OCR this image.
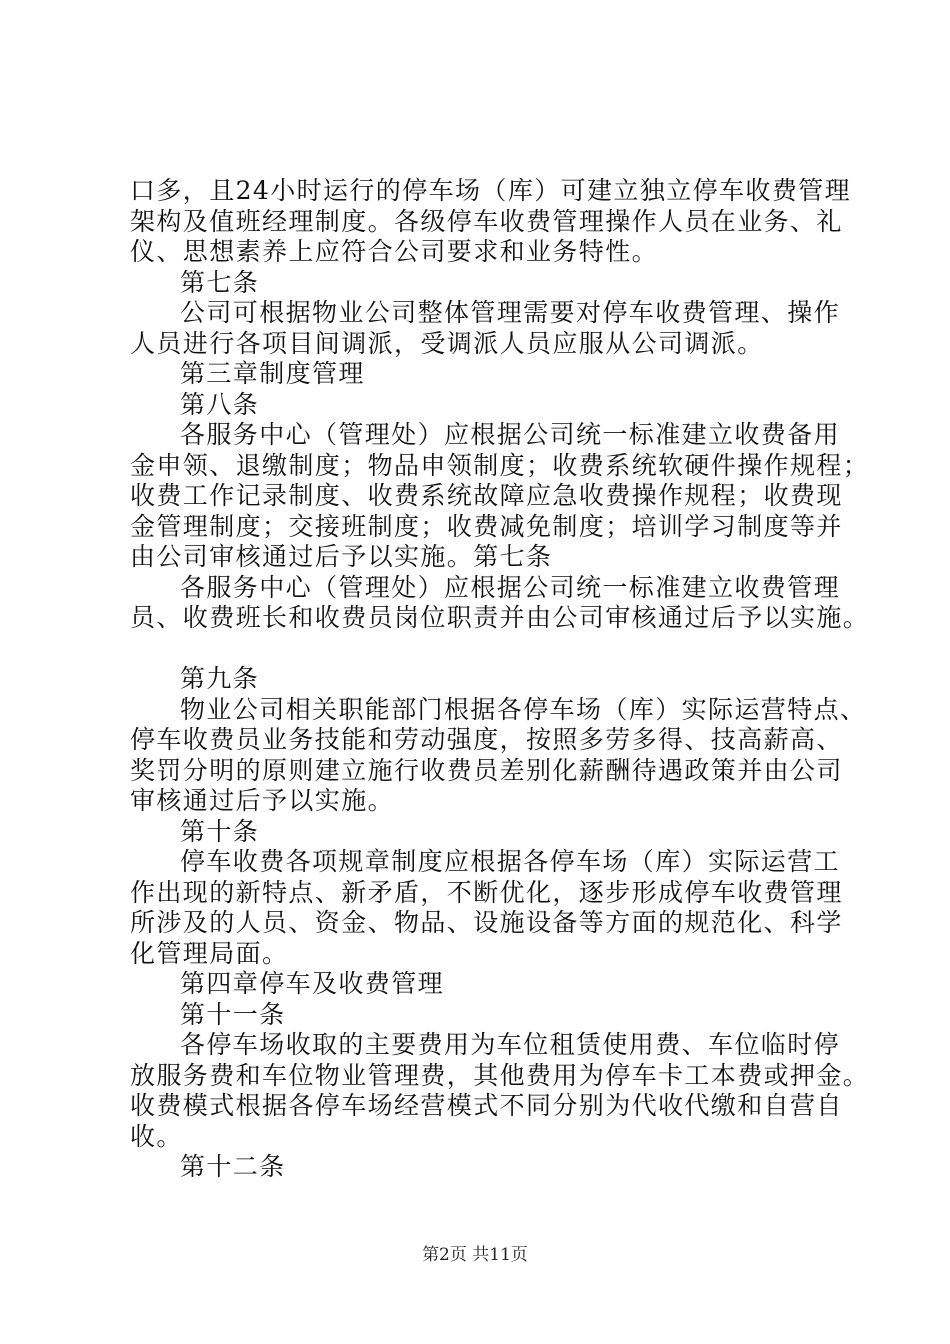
口多，且24小时运行的停车场（库）可建立独立停车收费管理
架构及值班经理制度。各级停车收费管理操作人员在业务、礼
仪、思想素养上应符合公司要求和业务特性。
第七条
公司可根据物业公司整体管理需要对停车收费管理、操作
人员进行各项目间调派，受调派人员应服从公司调派。
第三章制度管理
第八条
各服务中心（管理处）应根据公司统一标准建立收费备用
金申领、退缴制度；物品申领制度；收费系统软硬件操作规程；
收费工作记录制度、收费系统故障应急收费操作规程；收费现
金管理制度；交接班制度；收费减免制度；培训学习制度等并
由公司审核通过后予以实施。第七条
各服务中心（管理处）应根据公司统一标准建立收费管理
员、收费班长和收费员岗位职责并由公司审核通过后予以实施。
第九条
物业公司相关职能部门根据各停车场（库）实际运营特点、
停车收费员业务技能和劳动强度，按照多劳多得、技高薪高、
奖罚分明的原则建立施行收费员差别化薪酬待遇政策并由公司
审核通过后予以实施。
第十条
停车收费各项规章制度应根据各停车场（库）实际运营工
作出现的新特点、新矛盾，不断优化，逐步形成停车收费管理
所涉及的人员、资金、物品、设施设备等方面的规范化、科学
化管理局面。
第四章停车及收费管理
第十一条
各停车场收取的主要费用为车位租赁使用费、车位临时停
放服务费和车位物业管理费，其他费用为停车卡工本费或押金。
收费模式根据各停车场经营模式不同分别为代收代缴和自营自
收。
第十二条
第2页 共11页
